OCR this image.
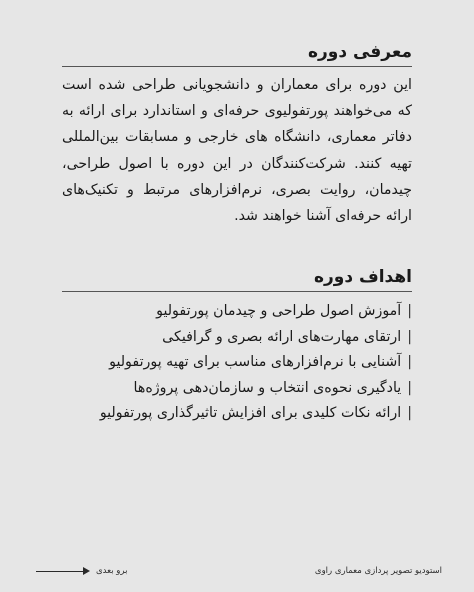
معرفی دوره

این دوره برای معماران و دانشجویانی طراحی شده است که می‌خواهند پورتفولیوی حرفه‌ای و استاندارد برای ارائه به دفاتر معماری، دانشگاه های خارجی و مسابقات بین‌المللی تهیه کنند. شرکت‌کنندگان در این دوره با اصول طراحی، چیدمان، روایت بصری، نرم‌افزارهای مرتبط و تکنیک‌های ارائه حرفه‌ای آشنا خواهند شد.

اهداف دوره
|آموزش اصول طراحی و چیدمان پورتفولیو
|ارتقای مهارت‌های ارائه بصری و گرافیکی
|آشنایی با نرم‌افزارهای مناسب برای تهیه پورتفولیو
|یادگیری نحوه‌ی انتخاب و سازمان‌دهی پروژه‌ها
|ارائه نکات کلیدی برای افزایش تاثیرگذاری پورتفولیو
استودیو تصویر پردازی معماری راوی
برو بعدی
